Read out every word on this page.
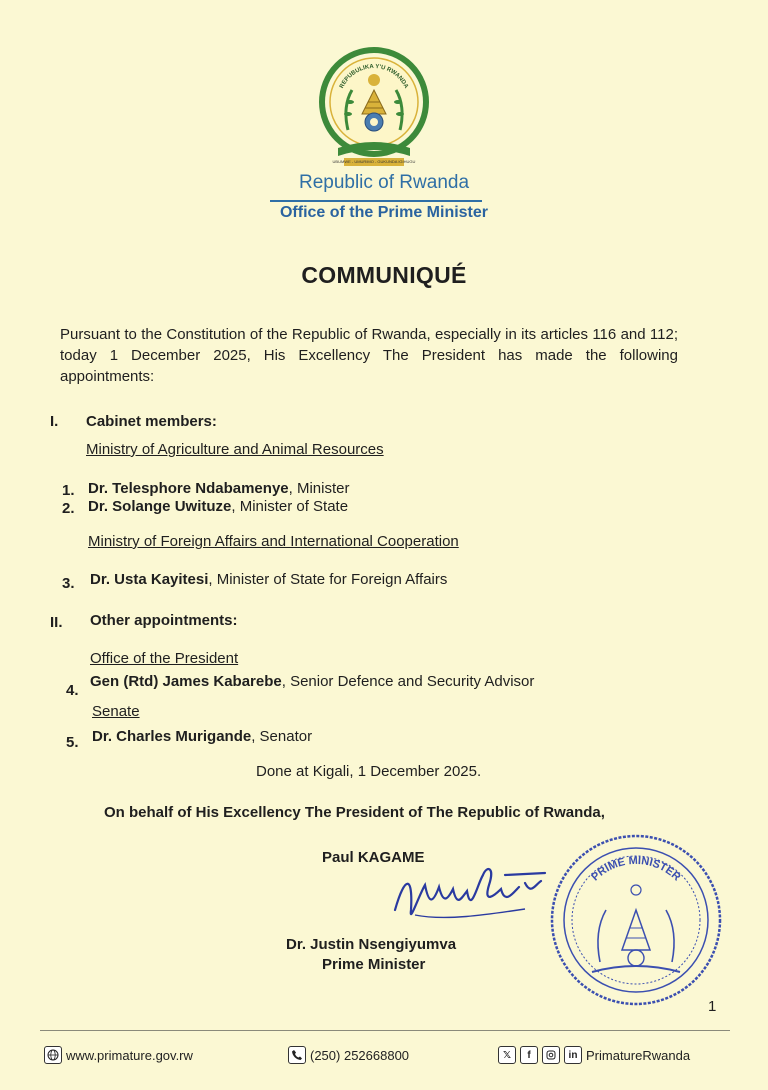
REPUBULIKA Y'U RWANDA
UBUMWE - UMURIMO - GUKUNDA IGIHUGU
Republic of Rwanda
Office of the Prime Minister
COMMUNIQUÉ
Pursuant to the Constitution of the Republic of Rwanda, especially in its articles 116 and 112; today 1 December 2025, His Excellency The President has made the following appointments:
I. Cabinet members:
Ministry of Agriculture and Animal Resources
1. Dr. Telesphore Ndabamenye, Minister
2. Dr. Solange Uwituze, Minister of State
Ministry of Foreign Affairs and International Cooperation
3. Dr. Usta Kayitesi, Minister of State for Foreign Affairs
II. Other appointments:
Office of the President
4.
Gen (Rtd) James Kabarebe, Senior Defence and Security Advisor
Senate
5. Dr. Charles Murigande, Senator
Done at Kigali, 1 December 2025.
On behalf of His Excellency The President of The Republic of Rwanda,
Paul KAGAME
Dr. Justin Nsengiyumva
Prime Minister
PRIME MINISTER
1
www.primature.gov.rw	(250) 252668800	𝕏	f	in PrimatureRwanda
